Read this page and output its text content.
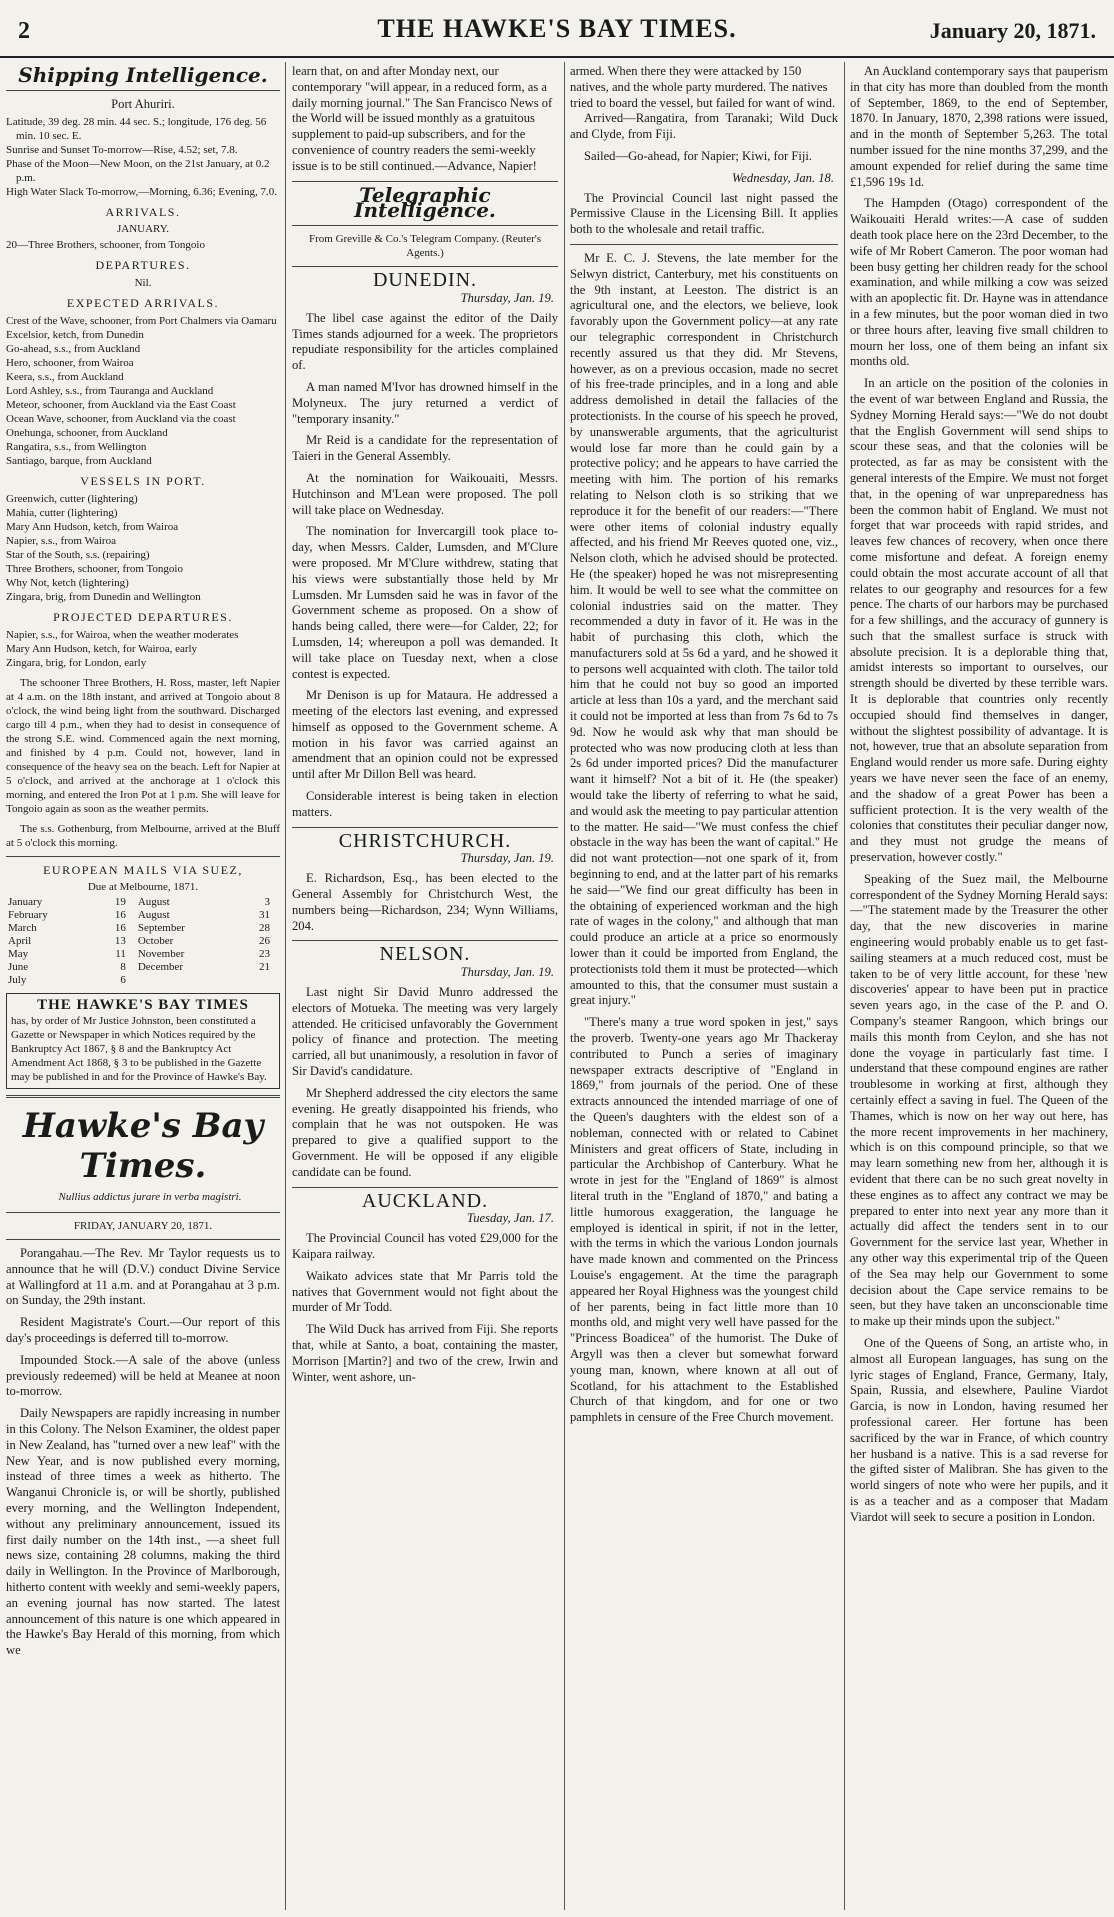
2	THE HAWKE'S BAY TIMES.	January 20, 1871.
Shipping Intelligence.

Port Ahuriri.

Latitude, 39 deg. 28 min. 44 sec. S.; longitude, 176 deg. 56 min. 10 sec. E.

Sunrise and Sunset To-morrow—Rise, 4.52; set, 7.8.

Phase of the Moon—New Moon, on the 21st January, at 0.2 p.m.

High Water Slack To-morrow,—Morning, 6.36; Evening, 7.0.

ARRIVALS.

JANUARY.

20—Three Brothers, schooner, from Tongoio

DEPARTURES.

Nil.

EXPECTED ARRIVALS.

Crest of the Wave, schooner, from Port Chalmers via Oamaru

Excelsior, ketch, from Dunedin

Go-ahead, s.s., from Auckland

Hero, schooner, from Wairoa

Keera, s.s., from Auckland

Lord Ashley, s.s., from Tauranga and Auckland

Meteor, schooner, from Auckland via the East Coast

Ocean Wave, schooner, from Auckland via the coast

Onehunga, schooner, from Auckland

Rangatira, s.s., from Wellington

Santiago, barque, from Auckland

VESSELS IN PORT.

Greenwich, cutter (lightering)

Mahia, cutter (lightering)

Mary Ann Hudson, ketch, from Wairoa

Napier, s.s., from Wairoa

Star of the South, s.s. (repairing)

Three Brothers, schooner, from Tongoio

Why Not, ketch (lightering)

Zingara, brig, from Dunedin and Wellington

PROJECTED DEPARTURES.

Napier, s.s., for Wairoa, when the weather moderates

Mary Ann Hudson, ketch, for Wairoa, early

Zingara, brig, for London, early

The schooner Three Brothers, H. Ross, master, left Napier at 4 a.m. on the 18th instant, and arrived at Tongoio about 8 o'clock, the wind being light from the southward. Discharged cargo till 4 p.m., when they had to desist in consequence of the strong S.E. wind. Commenced again the next morning, and finished by 4 p.m. Could not, however, land in consequence of the heavy sea on the beach. Left for Napier at 5 o'clock, and arrived at the anchorage at 1 o'clock this morning, and entered the Iron Pot at 1 p.m. She will leave for Tongoio again as soon as the weather permits.

The s.s. Gothenburg, from Melbourne, arrived at the Bluff at 5 o'clock this morning.

EUROPEAN MAILS VIA SUEZ,

Due at Melbourne, 1871.

January	19	August	3
February	16	August	31
March	16	September	28
April	13	October	26
May	11	November	23
June	8	December	21
July	6		
THE HAWKE'S BAY TIMES

has, by order of Mr Justice Johnston, been constituted a Gazette or Newspaper in which Notices required by the Bankruptcy Act 1867, § 8 and the Bankruptcy Act Amendment Act 1868, § 3 to be published in the Gazette may be published in and for the Province of Hawke's Bay.

Hawke's Bay Times.

Nullius addictus jurare in verba magistri.

FRIDAY, JANUARY 20, 1871.

Porangahau.—The Rev. Mr Taylor requests us to announce that he will (D.V.) conduct Divine Service at Wallingford at 11 a.m. and at Porangahau at 3 p.m. on Sunday, the 29th instant.

Resident Magistrate's Court.—Our report of this day's proceedings is deferred till to-morrow.

Impounded Stock.—A sale of the above (unless previously redeemed) will be held at Meanee at noon to-morrow.

Daily Newspapers are rapidly increasing in number in this Colony. The Nelson Examiner, the oldest paper in New Zealand, has "turned over a new leaf" with the New Year, and is now published every morning, instead of three times a week as hitherto. The Wanganui Chronicle is, or will be shortly, published every morning, and the Wellington Independent, without any preliminary announcement, issued its first daily number on the 14th inst., —a sheet full news size, containing 28 columns, making the third daily in Wellington. In the Province of Marlborough, hitherto content with weekly and semi-weekly papers, an evening journal has now started. The latest announcement of this nature is one which appeared in the Hawke's Bay Herald of this morning, from which we

learn that, on and after Monday next, our contemporary "will appear, in a reduced form, as a daily morning journal." The San Francisco News of the World will be issued monthly as a gratuitous supplement to paid-up subscribers, and for the convenience of country readers the semi-weekly issue is to be still continued.—Advance, Napier!

Telegraphic Intelligence.

From Greville & Co.'s Telegram Company. (Reuter's Agents.)

DUNEDIN.

Thursday, Jan. 19.

The libel case against the editor of the Daily Times stands adjourned for a week. The proprietors repudiate responsibility for the articles complained of.

A man named M'Ivor has drowned himself in the Molyneux. The jury returned a verdict of "temporary insanity."

Mr Reid is a candidate for the representation of Taieri in the General Assembly.

At the nomination for Waikouaiti, Messrs. Hutchinson and M'Lean were proposed. The poll will take place on Wednesday.

The nomination for Invercargill took place to-day, when Messrs. Calder, Lumsden, and M'Clure were proposed. Mr M'Clure withdrew, stating that his views were substantially those held by Mr Lumsden. Mr Lumsden said he was in favor of the Government scheme as proposed. On a show of hands being called, there were—for Calder, 22; for Lumsden, 14; whereupon a poll was demanded. It will take place on Tuesday next, when a close contest is expected.

Mr Denison is up for Mataura. He addressed a meeting of the electors last evening, and expressed himself as opposed to the Government scheme. A motion in his favor was carried against an amendment that an opinion could not be expressed until after Mr Dillon Bell was heard.

Considerable interest is being taken in election matters.

CHRISTCHURCH.

Thursday, Jan. 19.

E. Richardson, Esq., has been elected to the General Assembly for Christchurch West, the numbers being—Richardson, 234; Wynn Williams, 204.

NELSON.

Thursday, Jan. 19.

Last night Sir David Munro addressed the electors of Motueka. The meeting was very largely attended. He criticised unfavorably the Government policy of finance and protection. The meeting carried, all but unanimously, a resolution in favor of Sir David's candidature.

Mr Shepherd addressed the city electors the same evening. He greatly disappointed his friends, who complain that he was not outspoken. He was prepared to give a qualified support to the Government. He will be opposed if any eligible candidate can be found.

AUCKLAND.

Tuesday, Jan. 17.

The Provincial Council has voted £29,000 for the Kaipara railway.

Waikato advices state that Mr Parris told the natives that Government would not fight about the murder of Mr Todd.

The Wild Duck has arrived from Fiji. She reports that, while at Santo, a boat, containing the master, Morrison [Martin?] and two of the crew, Irwin and Winter, went ashore, un-

armed. When there they were attacked by 150 natives, and the whole party murdered. The natives tried to board the vessel, but failed for want of wind.

Arrived—Rangatira, from Taranaki; Wild Duck and Clyde, from Fiji.

Sailed—Go-ahead, for Napier; Kiwi, for Fiji.

Wednesday, Jan. 18.

The Provincial Council last night passed the Permissive Clause in the Licensing Bill. It applies both to the wholesale and retail traffic.

Mr E. C. J. Stevens, the late member for the Selwyn district, Canterbury, met his constituents on the 9th instant, at Leeston. The district is an agricultural one, and the electors, we believe, look favorably upon the Government policy—at any rate our telegraphic correspondent in Christchurch recently assured us that they did. Mr Stevens, however, as on a previous occasion, made no secret of his free-trade principles, and in a long and able address demolished in detail the fallacies of the protectionists. In the course of his speech he proved, by unanswerable arguments, that the agriculturist would lose far more than he could gain by a protective policy; and he appears to have carried the meeting with him. The portion of his remarks relating to Nelson cloth is so striking that we reproduce it for the benefit of our readers:—"There were other items of colonial industry equally affected, and his friend Mr Reeves quoted one, viz., Nelson cloth, which he advised should be protected. He (the speaker) hoped he was not misrepresenting him. It would be well to see what the committee on colonial industries said on the matter. They recommended a duty in favor of it. He was in the habit of purchasing this cloth, which the manufacturers sold at 5s 6d a yard, and he showed it to persons well acquainted with cloth. The tailor told him that he could not buy so good an imported article at less than 10s a yard, and the merchant said it could not be imported at less than from 7s 6d to 7s 9d. Now he would ask why that man should be protected who was now producing cloth at less than 2s 6d under imported prices? Did the manufacturer want it himself? Not a bit of it. He (the speaker) would take the liberty of referring to what he said, and would ask the meeting to pay particular attention to the matter. He said—"We must confess the chief obstacle in the way has been the want of capital." He did not want protection—not one spark of it, from beginning to end, and at the latter part of his remarks he said—"We find our great difficulty has been in the obtaining of experienced workman and the high rate of wages in the colony," and although that man could produce an article at a price so enormously lower than it could be imported from England, the protectionists told them it must be protected—which amounted to this, that the consumer must sustain a great injury."

"There's many a true word spoken in jest," says the proverb. Twenty-one years ago Mr Thackeray contributed to Punch a series of imaginary newspaper extracts descriptive of "England in 1869," from journals of the period. One of these extracts announced the intended marriage of one of the Queen's daughters with the eldest son of a nobleman, connected with or related to Cabinet Ministers and great officers of State, including in particular the Archbishop of Canterbury. What he wrote in jest for the "England of 1869" is almost literal truth in the "England of 1870," and bating a little humorous exaggeration, the language he employed is identical in spirit, if not in the letter, with the terms in which the various London journals have made known and commented on the Princess Louise's engagement. At the time the paragraph appeared her Royal Highness was the youngest child of her parents, being in fact little more than 10 months old, and might very well have passed for the "Princess Boadicea" of the humorist. The Duke of Argyll was then a clever but somewhat forward young man, known, where known at all out of Scotland, for his attachment to the Established Church of that kingdom, and for one or two pamphlets in censure of the Free Church movement.

An Auckland contemporary says that pauperism in that city has more than doubled from the month of September, 1869, to the end of September, 1870. In January, 1870, 2,398 rations were issued, and in the month of September 5,263. The total number issued for the nine months 37,299, and the amount expended for relief during the same time £1,596 19s 1d.

The Hampden (Otago) correspondent of the Waikouaiti Herald writes:—A case of sudden death took place here on the 23rd December, to the wife of Mr Robert Cameron. The poor woman had been busy getting her children ready for the school examination, and while milking a cow was seized with an apoplectic fit. Dr. Hayne was in attendance in a few minutes, but the poor woman died in two or three hours after, leaving five small children to mourn her loss, one of them being an infant six months old.

In an article on the position of the colonies in the event of war between England and Russia, the Sydney Morning Herald says:—"We do not doubt that the English Government will send ships to scour these seas, and that the colonies will be protected, as far as may be consistent with the general interests of the Empire. We must not forget that, in the opening of war unpreparedness has been the common habit of England. We must not forget that war proceeds with rapid strides, and leaves few chances of recovery, when once there come misfortune and defeat. A foreign enemy could obtain the most accurate account of all that relates to our geography and resources for a few pence. The charts of our harbors may be purchased for a few shillings, and the accuracy of gunnery is such that the smallest surface is struck with absolute precision. It is a deplorable thing that, amidst interests so important to ourselves, our strength should be diverted by these terrible wars. It is deplorable that countries only recently occupied should find themselves in danger, without the slightest possibility of advantage. It is not, however, true that an absolute separation from England would render us more safe. During eighty years we have never seen the face of an enemy, and the shadow of a great Power has been a sufficient protection. It is the very wealth of the colonies that constitutes their peculiar danger now, and they must not grudge the means of preservation, however costly."

Speaking of the Suez mail, the Melbourne correspondent of the Sydney Morning Herald says:—"The statement made by the Treasurer the other day, that the new discoveries in marine engineering would probably enable us to get fast-sailing steamers at a much reduced cost, must be taken to be of very little account, for these 'new discoveries' appear to have been put in practice seven years ago, in the case of the P. and O. Company's steamer Rangoon, which brings our mails this month from Ceylon, and she has not done the voyage in particularly fast time. I understand that these compound engines are rather troublesome in working at first, although they certainly effect a saving in fuel. The Queen of the Thames, which is now on her way out here, has the more recent improvements in her machinery, which is on this compound principle, so that we may learn something new from her, although it is evident that there can be no such great novelty in these engines as to affect any contract we may be prepared to enter into next year any more than it actually did affect the tenders sent in to our Government for the service last year, Whether in any other way this experimental trip of the Queen of the Sea may help our Government to some decision about the Cape service remains to be seen, but they have taken an unconscionable time to make up their minds upon the subject."

One of the Queens of Song, an artiste who, in almost all European languages, has sung on the lyric stages of England, France, Germany, Italy, Spain, Russia, and elsewhere, Pauline Viardot Garcia, is now in London, having resumed her professional career. Her fortune has been sacrificed by the war in France, of which country her husband is a native. This is a sad reverse for the gifted sister of Malibran. She has given to the world singers of note who were her pupils, and it is as a teacher and as a composer that Madam Viardot will seek to secure a position in London.
